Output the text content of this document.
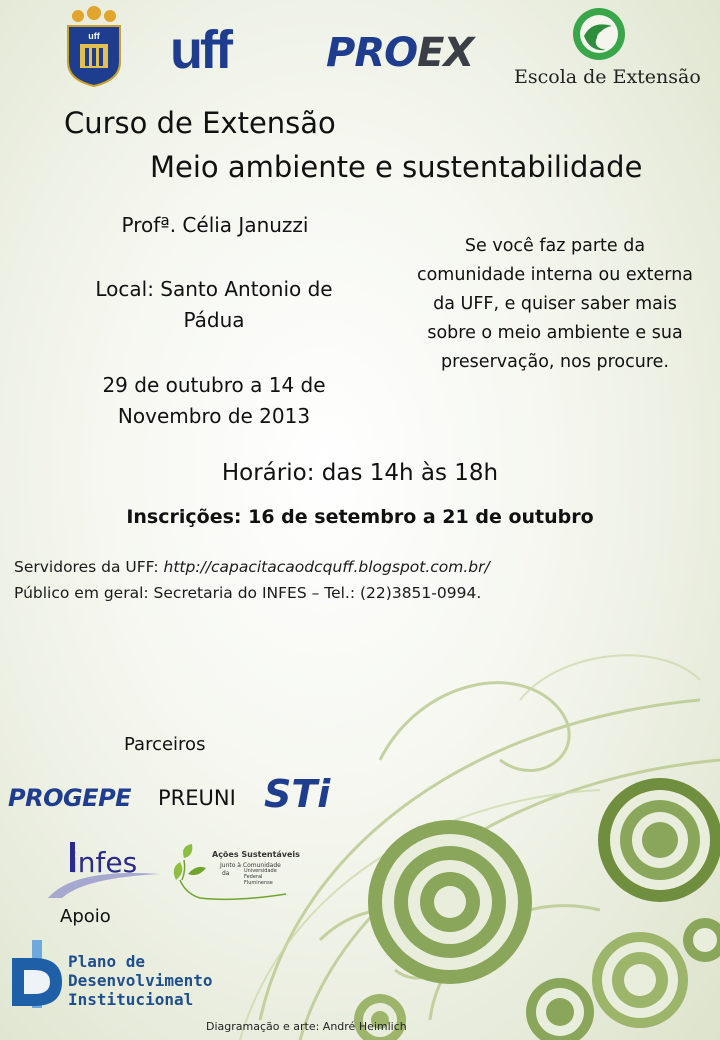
uff uff PROEX
Escola de Extensão
Curso de Extensão
Meio ambiente e sustentabilidade
Profª. Célia Januzzi
Local: Santo Antonio de Pádua
29 de outubro a 14 de Novembro de 2013
Se você faz parte da comunidade interna ou externa da UFF, e quiser saber mais sobre o meio ambiente e sua preservação, nos procure.
Horário: das 14h às 18h
Inscrições: 16 de setembro a 21 de outubro
Servidores da UFF: http://capacitacaodcquff.blogspot.com.br/
Público em geral: Secretaria do INFES – Tel.: (22)3851-0994.
Parceiros
PROGEPE PREUNI STi
infes	Ações Sustentáveis
Junto à Comunidade
da	Universidade Federal Fluminense
Apoio
Plano de
Desenvolvimento
Institucional
Diagramação e arte: André Heimlich
